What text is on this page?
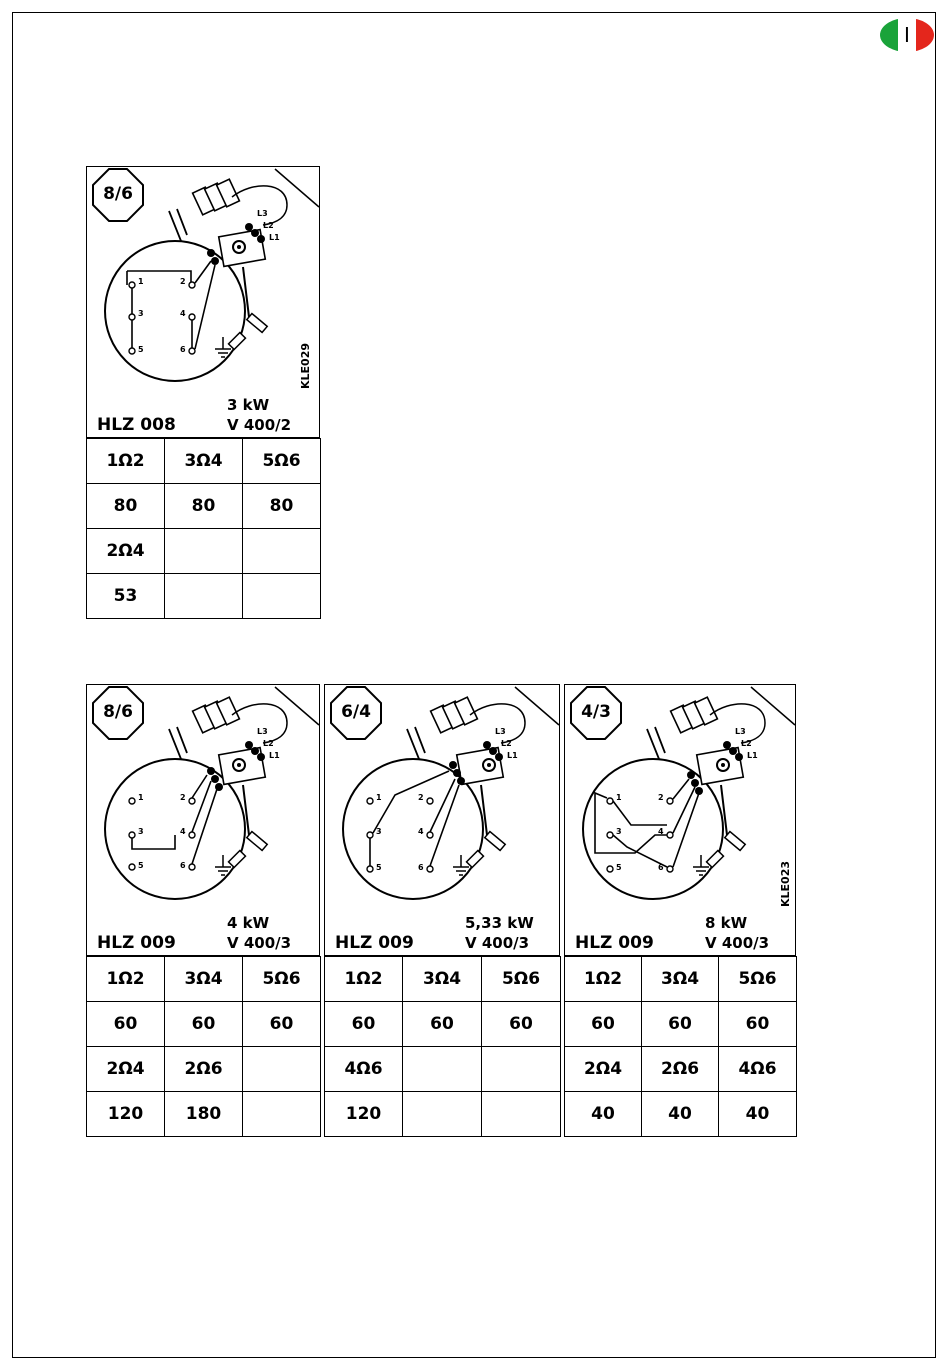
I
8/6
1	2
3	4
5	6
L3
L2
L1
KLE029
3 kW
V 400/2
HLZ 008
1Ω2	3Ω4	5Ω6
80	80	80
2Ω4		
53		
8/6
1	2
3	4
5	6
L3
L2
L1
4 kW
V 400/3
HLZ 009
1Ω2	3Ω4	5Ω6
60	60	60
2Ω4	2Ω6	
120	180	
6/4
1	2
3	4
5	6
L3
L2
L1
5,33 kW
V 400/3
HLZ 009
1Ω2	3Ω4	5Ω6
60	60	60
4Ω6		
120		
4/3
1	2
3	4
5	6
L3
L2
L1
KLE023
8 kW
V 400/3
HLZ 009
1Ω2	3Ω4	5Ω6
60	60	60
2Ω4	2Ω6	4Ω6
40	40	40
